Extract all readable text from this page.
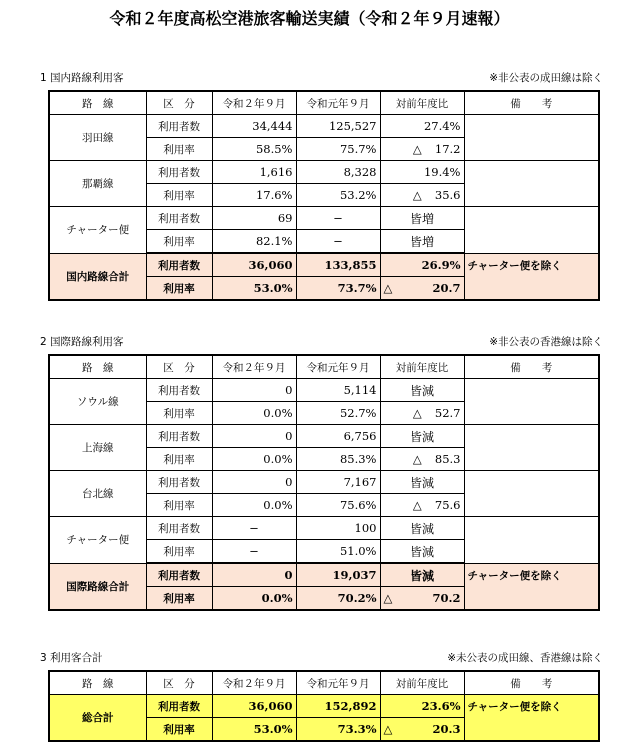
令和２年度高松空港旅客輸送実績（令和２年９月速報）
1 国内路線利用客	※非公表の成田線は除く
路　線	区　分	令和２年９月	令和元年９月	対前年度比	備　　考
羽田線	利用者数	34,444	125,527	27.4%	
	利用率	58.5%	75.7%	△ 17.2	
那覇線	利用者数	1,616	8,328	19.4%	
	利用率	17.6%	53.2%	△ 35.6	
チャーター便	利用者数	69	−	皆増	
	利用率	82.1%	−	皆増	
国内路線合計	利用者数	36,060	133,855	26.9%	チャーター便を除く
	利用率	53.0%	73.7%	△ 20.7	
2 国際路線利用客	※非公表の香港線は除く
路　線	区　分	令和２年９月	令和元年９月	対前年度比	備　　考
ソウル線	利用者数	0	5,114	皆減	
	利用率	0.0%	52.7%	△ 52.7	
上海線	利用者数	0	6,756	皆減	
	利用率	0.0%	85.3%	△ 85.3	
台北線	利用者数	0	7,167	皆減	
	利用率	0.0%	75.6%	△ 75.6	
チャーター便	利用者数	−	100	皆減	
	利用率	−	51.0%	皆減	
国際路線合計	利用者数	0	19,037	皆減	チャーター便を除く
	利用率	0.0%	70.2%	△ 70.2	
3 利用客合計	※未公表の成田線、香港線は除く
路　線	区　分	令和２年９月	令和元年９月	対前年度比	備　　考
総合計	利用者数	36,060	152,892	23.6%	チャーター便を除く
	利用率	53.0%	73.3%	△ 20.3	
